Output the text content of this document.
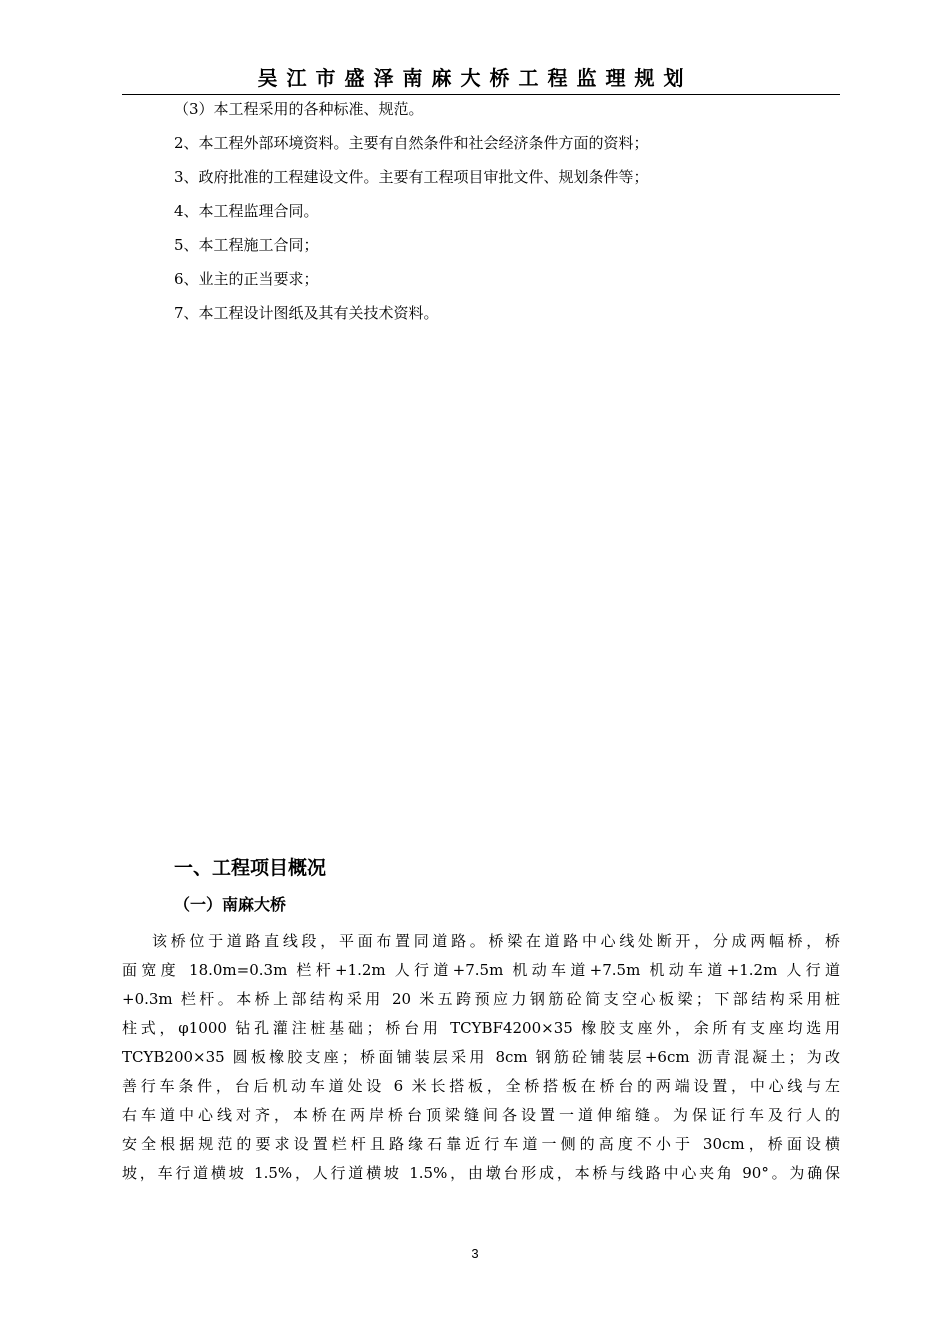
吴江市盛泽南麻大桥工程监理规划
（3）本工程采用的各种标准、规范。
2、本工程外部环境资料。主要有自然条件和社会经济条件方面的资料；
3、政府批准的工程建设文件。主要有工程项目审批文件、规划条件等；
4、本工程监理合同。
5、本工程施工合同；
6、业主的正当要求；
7、本工程设计图纸及其有关技术资料。
一、工程项目概况
（一）南麻大桥
该桥位于道路直线段，平面布置同道路。桥梁在道路中心线处断开，分成两幅桥，桥
面宽度 18.0m=0.3m 栏杆+1.2m 人行道+7.5m 机动车道+7.5m 机动车道+1.2m 人行道
+0.3m 栏杆。本桥上部结构采用 20 米五跨预应力钢筋砼简支空心板梁；下部结构采用桩
柱式，φ1000 钻孔灌注桩基础；桥台用 TCYBF4200×35 橡胶支座外，余所有支座均选用
TCYB200×35 圆板橡胶支座；桥面铺装层采用 8cm 钢筋砼铺装层+6cm 沥青混凝土；为改
善行车条件，台后机动车道处设 6 米长搭板，全桥搭板在桥台的两端设置，中心线与左
右车道中心线对齐，本桥在两岸桥台顶梁缝间各设置一道伸缩缝。为保证行车及行人的
安全根据规范的要求设置栏杆且路缘石靠近行车道一侧的高度不小于 30cm，桥面设横
坡，车行道横坡 1.5%，人行道横坡 1.5%，由墩台形成，本桥与线路中心夹角 90°。为确保
3
